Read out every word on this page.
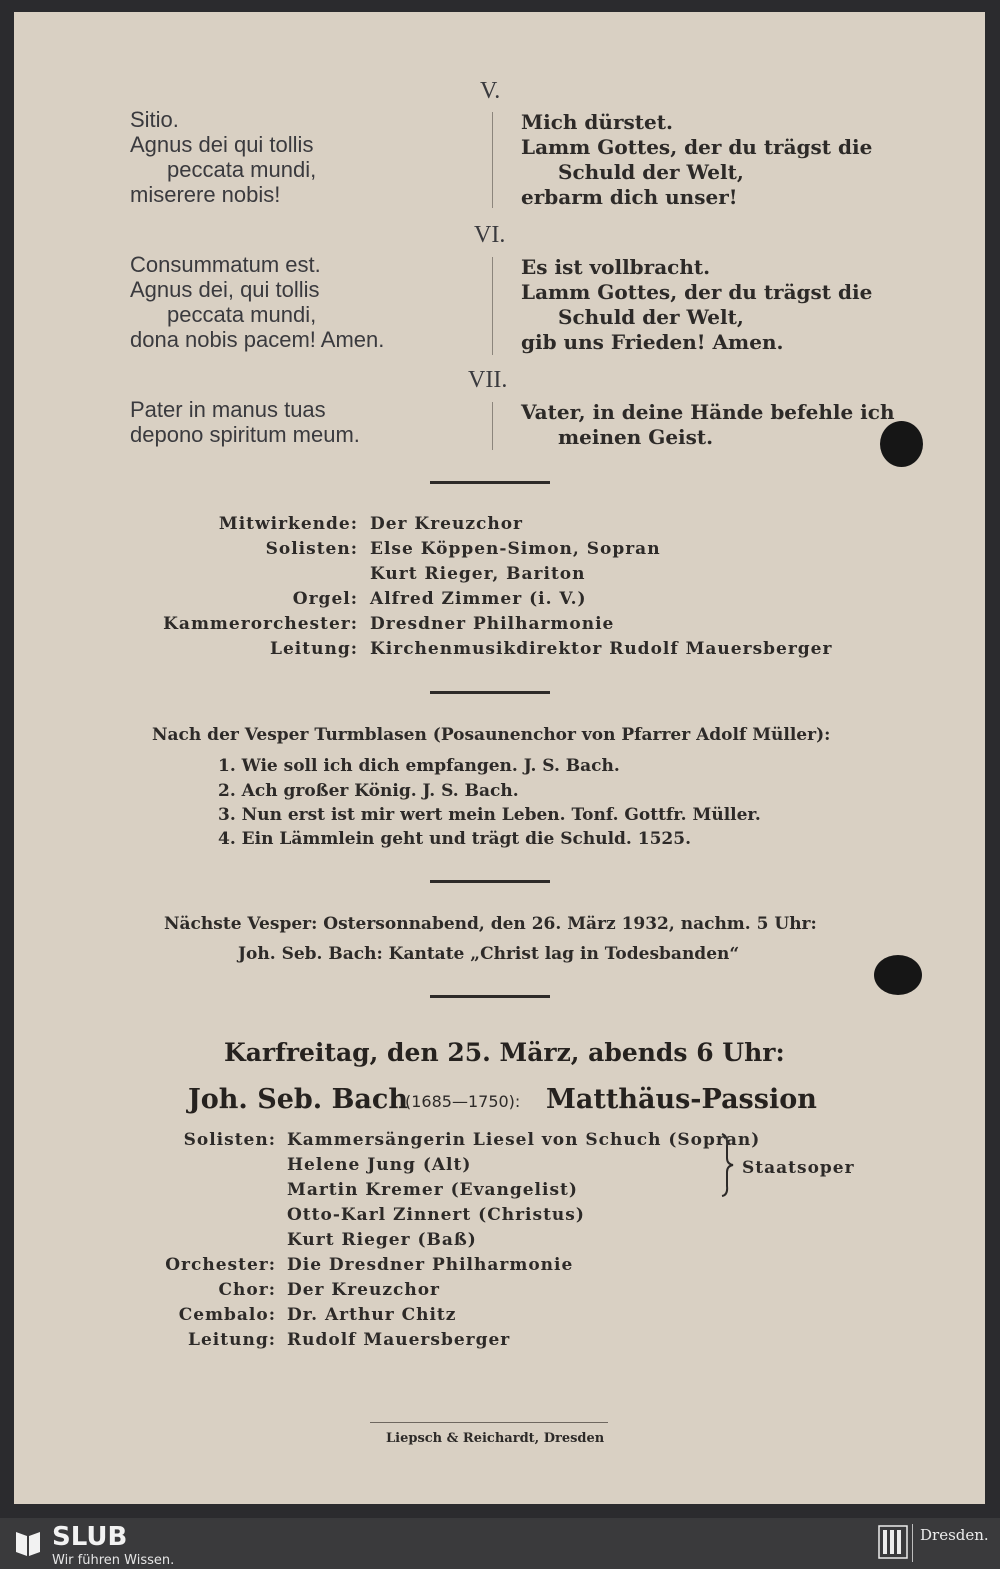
V.
Sitio.
Agnus dei qui tollis
peccata mundi,
miserere nobis!
Mich dürstet.
Lamm Gottes, der du trägst die
Schuld der Welt,
erbarm dich unser!
VI.
Consummatum est.
Agnus dei, qui tollis
peccata mundi,
dona nobis pacem! Amen.
Es ist vollbracht.
Lamm Gottes, der du trägst die
Schuld der Welt,
gib uns Frieden! Amen.
VII.
Pater in manus tuas
depono spiritum meum.
Vater, in deine Hände befehle ich
meinen Geist.
Mitwirkende: Der Kreuzchor
Solisten: Else Köppen-Simon, Sopran
Kurt Rieger, Bariton
Orgel: Alfred Zimmer (i. V.)
Kammerorchester: Dresdner Philharmonie
Leitung: Kirchenmusikdirektor Rudolf Mauersberger
Nach der Vesper Turmblasen (Posaunenchor von Pfarrer Adolf Müller):
1. Wie soll ich dich empfangen. J. S. Bach.
2. Ach großer König. J. S. Bach.
3. Nun erst ist mir wert mein Leben. Tonf. Gottfr. Müller.
4. Ein Lämmlein geht und trägt die Schuld. 1525.
Nächste Vesper: Ostersonnabend, den 26. März 1932, nachm. 5 Uhr:
Joh. Seb. Bach: Kantate „Christ lag in Todesbanden“
Karfreitag, den 25. März, abends 6 Uhr:
Joh. Seb. Bach
(1685—1750): Matthäus-Passion
Solisten: Kammersängerin Liesel von Schuch (Sopran)
Helene Jung (Alt)
Martin Kremer (Evangelist)
Otto-Karl Zinnert (Christus)
Kurt Rieger (Baß)
Orchester: Die Dresdner Philharmonie
Chor: Der Kreuzchor
Cembalo: Dr. Arthur Chitz
Leitung: Rudolf Mauersberger
Staatsoper
Liepsch & Reichardt, Dresden
SLUB
Wir führen Wissen.
Dresden.
